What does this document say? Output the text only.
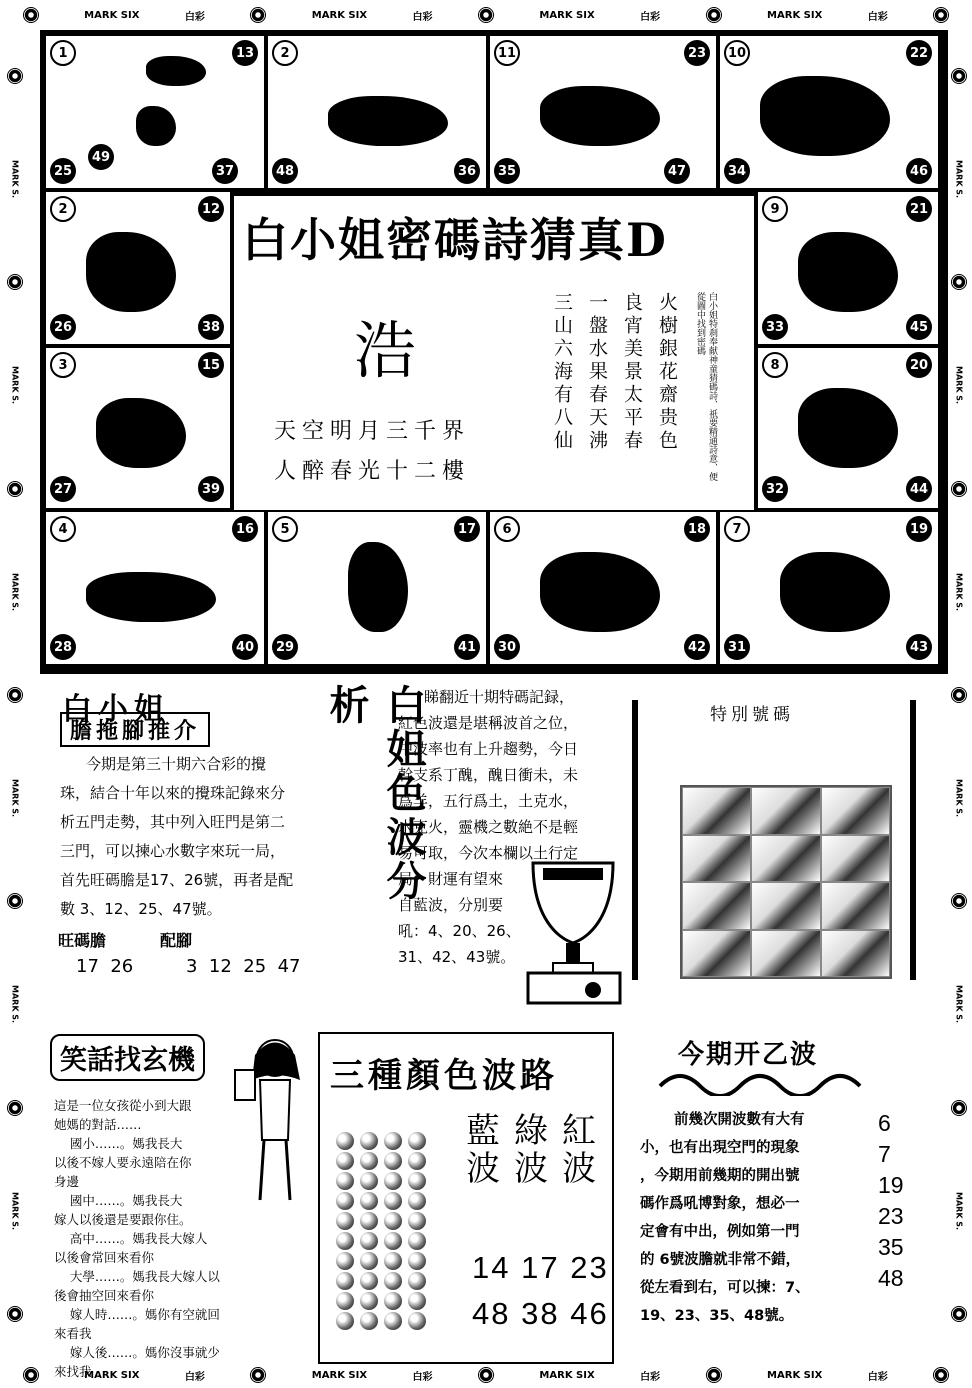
MARK SIX	白彩	MARK SIX	白彩	MARK SIX	白彩	MARK SIX	白彩
MARK SIX	白彩	MARK SIX	白彩	MARK SIX	白彩	MARK SIX	白彩
MARK S.
MARK S.
MARK S.
MARK S.
MARK S.
MARK S.
MARK S.
MARK S.
MARK S.
MARK S.
MARK S.
MARK S.
1	13
25	37
49
2
48	36
11	23
35	47
10	22
34	46
2	12
26	38
3	15
27	39
9	21
33	45
8	20
32	44
4	16
28	40
5	17
29	41
6	18
30	42
7	19
31	43
白小姐密碼詩猜真D
浩
天空明月三千界
人醉春光十二樓
火樹銀花齋贵色
良宵美景太平春
一盤水果春天沸
三山六海有八仙	白小姐特刹奉献神童猜碼詩、祇要精通詩意、便從圖中找到密碼
白小姐
膽拖腳推介
今期是第三十期六合彩的攪
珠，結合十年以來的攪珠記錄來分
析五門走勢，其中列入旺門是第二
三門，可以揀心水數字來玩一局，
首先旺碼膽是17、26號，再者是配
數 3、12、25、47號。
旺碼膽	配腳
17  26	3  12  25  47
白姐色波分析	睇翻近十期特碼記録，
紅色波還是堪稱波首之位，
中波率也有上升趨勢，今日
幹支系丁醜，醜日衝未，未
爲羊，五行爲土，土克水，
水克火，靈機之數絶不是輕
易可取，今次本欄以土行定
局，財運有望來
自藍波，分別要
吼：4、20、26、
31、42、43號。
特別號碼
笑話找玄機
這是一位女孩從小到大跟
她媽的對話……
國小……。媽我長大
以後不嫁人要永遠陪在你
身邊
國中……。媽我長大
嫁人以後還是要跟你住。
高中……。媽我長大嫁人
以後會常回來看你
大學……。媽我長大嫁人以
後會抽空回來看你
嫁人時……。媽你有空就回
來看我
嫁人後……。媽你沒事就少
來找我
三種顏色波路
藍波
綠波
紅波
14 17 23
48 38 46
今期开乙波
前幾次開波數有大有
小，也有出現空門的現象
，今期用前幾期的開出號
碼作爲吼博對象，想必一
定會有中出，例如第一門
的 6號波膽就非常不錯，
從左看到右，可以揀：7、
19、23、35、48號。
6
7
19
23
35
48
